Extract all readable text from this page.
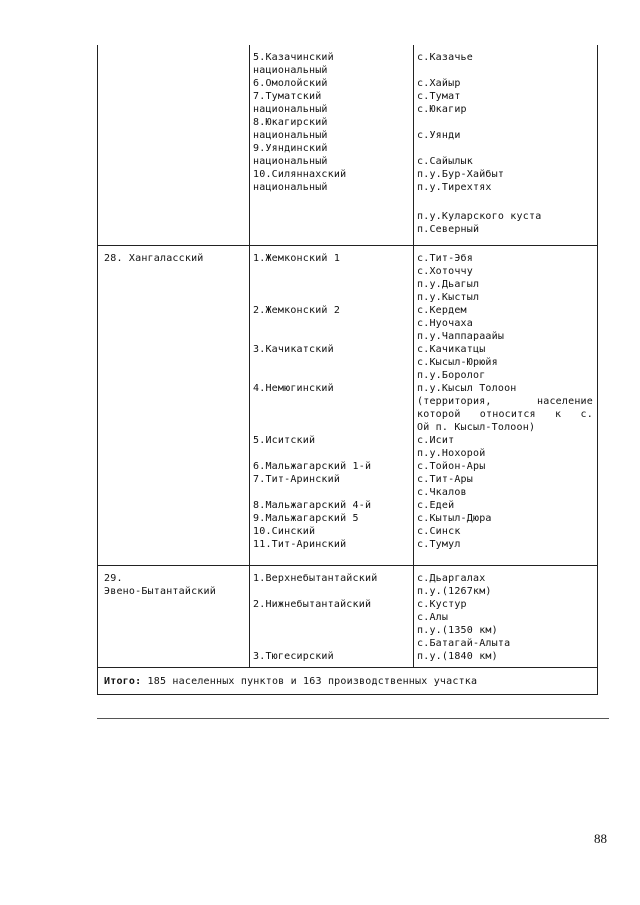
5.Казачинский
национальный
6.Омолойский
7.Туматский
национальный
8.Юкагирский
национальный
9.Уяндинский
национальный
10.Силяннахский
национальный
с.Казачье
с.Хайыр
с.Тумат
с.Юкагир
с.Уянди
с.Сайылык
п.у.Бур-Хайбыт
п.у.Тирехтях
п.у.Куларского куста
п.Северный
28. Хангаласский	1.Жемконский 1
2.Жемконский 2
3.Качикатский
4.Немюгинский
5.Иситский
6.Мальжагарский 1-й
7.Тит-Аринский
8.Мальжагарский 4-й
9.Мальжагарский 5
10.Синский
11.Тит-Аринский
с.Тит-Эбя
с.Хоточчу
п.у.Дьагыл
п.у.Кыстыл
с.Кердем
с.Нуочаха
п.у.Чаппараайы
с.Качикатцы
с.Кысыл-Юрюйя
п.у.Боролог
п.у.Кысыл Толоон
(территория,	население
которой относится к с.
Ой п. Кысыл-Толоон)
с.Исит
п.у.Нохорой
с.Тойон-Ары
с.Тит-Ары
с.Чкалов
с.Едей
с.Кытыл-Дюра
с.Синск
с.Тумул
29.
Эвено-Бытантайский
1.Верхнебытантайский
2.Нижнебытантайский
3.Тюгесирский
с.Дьаргалах
п.у.(1267км)
с.Кустур
с.Алы
п.у.(1350 км)
с.Батагай-Алыта
п.у.(1840 км)
Итого: 185 населенных пунктов и 163 производственных участка
88
